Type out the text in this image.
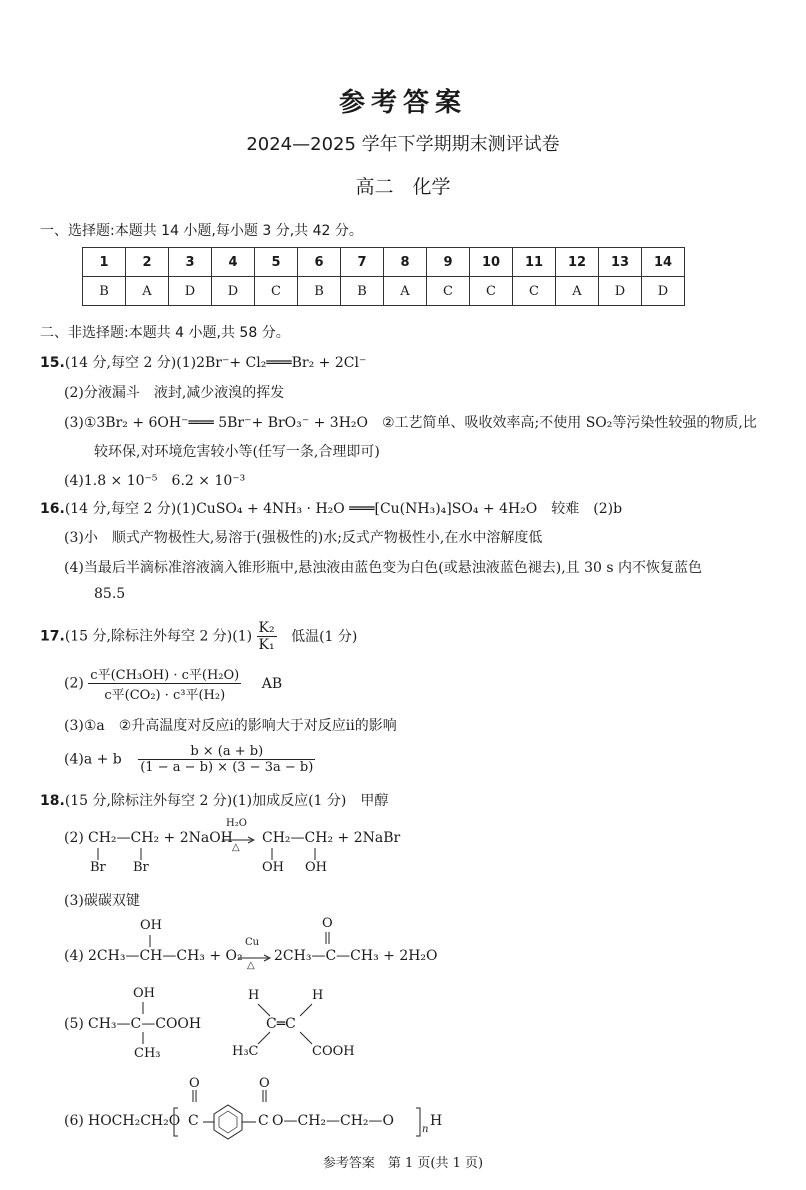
参考答案
2024—2025 学年下学期期末测评试卷
高二　化学
一、选择题:本题共 14 小题,每小题 3 分,共 42 分。
1	2	3	4	5	6	7	8	9	10	11	12	13	14
B	A	D	D	C	B	B	A	C	C	C	A	D	D
二、非选择题:本题共 4 小题,共 58 分。
15.(14 分,每空 2 分)(1)2Br⁻+ Cl₂═══Br₂ + 2Cl⁻
(2)分液漏斗　液封,减少液溴的挥发
(3)①3Br₂ + 6OH⁻═══ 5Br⁻+ BrO₃⁻ + 3H₂O　②工艺简单、吸收效率高;不使用 SO₂等污染性较强的物质,比
较环保,对环境危害较小等(任写一条,合理即可)
(4)1.8 × 10⁻⁵　6.2 × 10⁻³
16.(14 分,每空 2 分)(1)CuSO₄ + 4NH₃ · H₂O ═══[Cu(NH₃)₄]SO₄ + 4H₂O　较难　(2)b
(3)小　顺式产物极性大,易溶于(强极性的)水;反式产物极性小,在水中溶解度低
(4)当最后半滴标准溶液滴入锥形瓶中,悬浊液由蓝色变为白色(或悬浊液蓝色褪去),且 30 s 内不恢复蓝色
85.5
17.(15 分,除标注外每空 2 分)$(1) \frac{\text{K₂}}{\text{K₁}}$ 低温(1 分)
$(2) \frac{\text{c平(CH₃OH) · c平(H₂O)}}{\text{c平(CO₂) · c³平(H₂)}}$ AB
(3)①a　②升高温度对反应ⅰ的影响大于对反应ⅱ的影响
(4)a + b $\frac{b \times (a + b)}{(1 - a - b) \times (3 - 3a - b)}$
18.(15 分,除标注外每空 2 分)(1)加成反应(1 分)　甲醇
(2) CH₂—CH₂ + 2NaOH
H₂O
△
→ CH₂—CH₂ + 2NaBr
Br Br	OH OH
(3)碳碳双键
OH
(4) 2CH₃—CH—CH₃ + O₂
Cu
△
O
2CH₃—C—CH₃ + 2H₂O
OH
(5) CH₃—C—COOH
CH₃
H	H
C═C
H₃C	COOH
O	O
(6) HOCH₂CH₂O C	C O—CH₂—CH₂—O
n
H
参考答案　第 1 页(共 1 页)
